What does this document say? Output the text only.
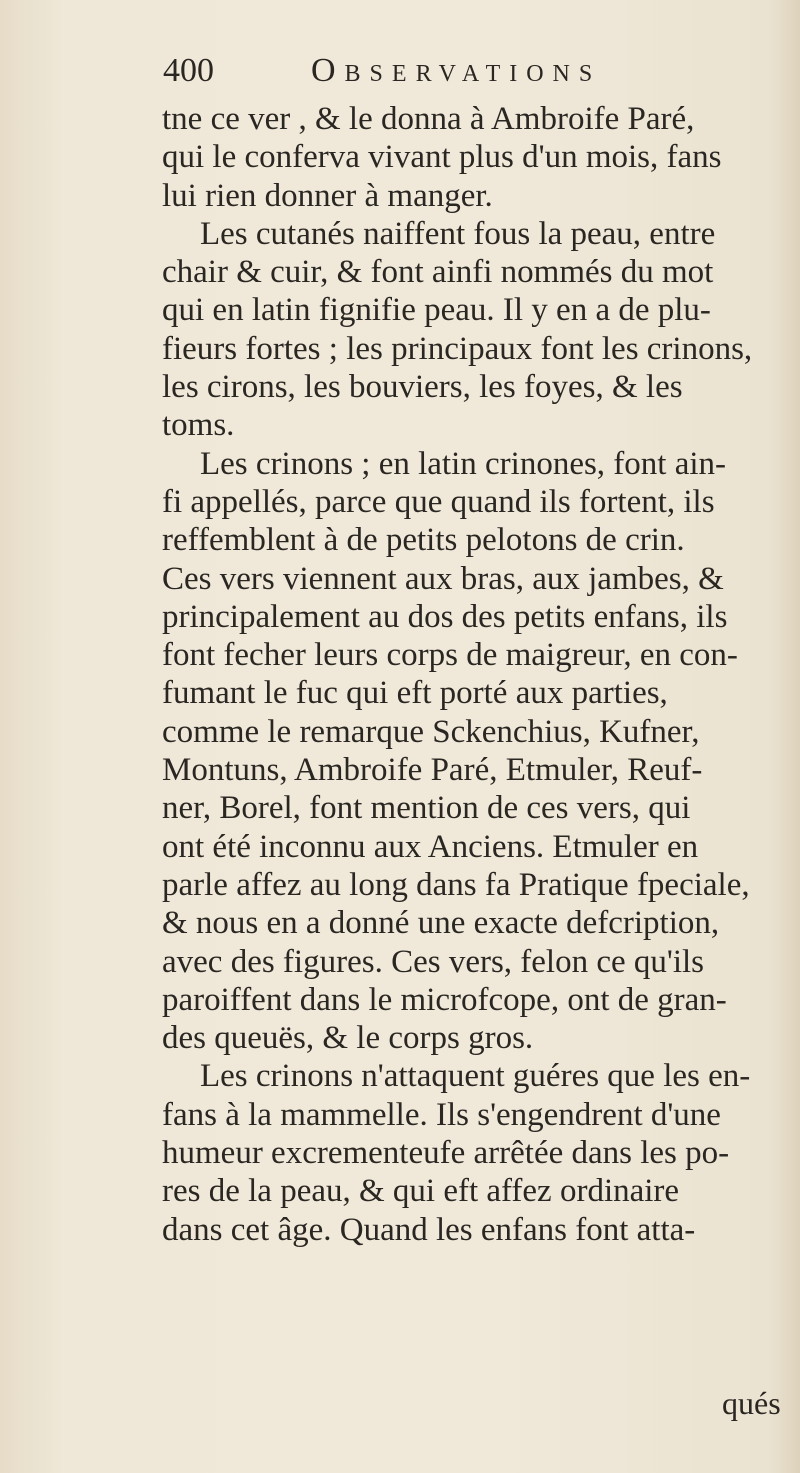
400	Observations
tne ce ver , & le donna à Ambroife Paré,
qui le conferva vivant plus d'un mois, fans
lui rien donner à manger.
Les cutanés naiffent fous la peau, entre
chair & cuir, & font ainfi nommés du mot
qui en latin fignifie peau. Il y en a de plu-
fieurs fortes ; les principaux font les crinons,
les cirons, les bouviers, les foyes, & les
toms.
Les crinons ; en latin crinones, font ain-
fi appellés, parce que quand ils fortent, ils
reffemblent à de petits pelotons de crin.
Ces vers viennent aux bras, aux jambes, &
principalement au dos des petits enfans, ils
font fecher leurs corps de maigreur, en con-
fumant le fuc qui eft porté aux parties,
comme le remarque Sckenchius, Kufner,
Montuns, Ambroife Paré, Etmuler, Reuf-
ner, Borel, font mention de ces vers, qui
ont été inconnu aux Anciens. Etmuler en
parle affez au long dans fa Pratique fpeciale,
& nous en a donné une exacte defcription,
avec des figures. Ces vers, felon ce qu'ils
paroiffent dans le microfcope, ont de gran-
des queuës, & le corps gros.
Les crinons n'attaquent guéres que les en-
fans à la mammelle. Ils s'engendrent d'une
humeur excrementeufe arrêtée dans les po-
res de la peau, & qui eft affez ordinaire
dans cet âge. Quand les enfans font atta-
qués
